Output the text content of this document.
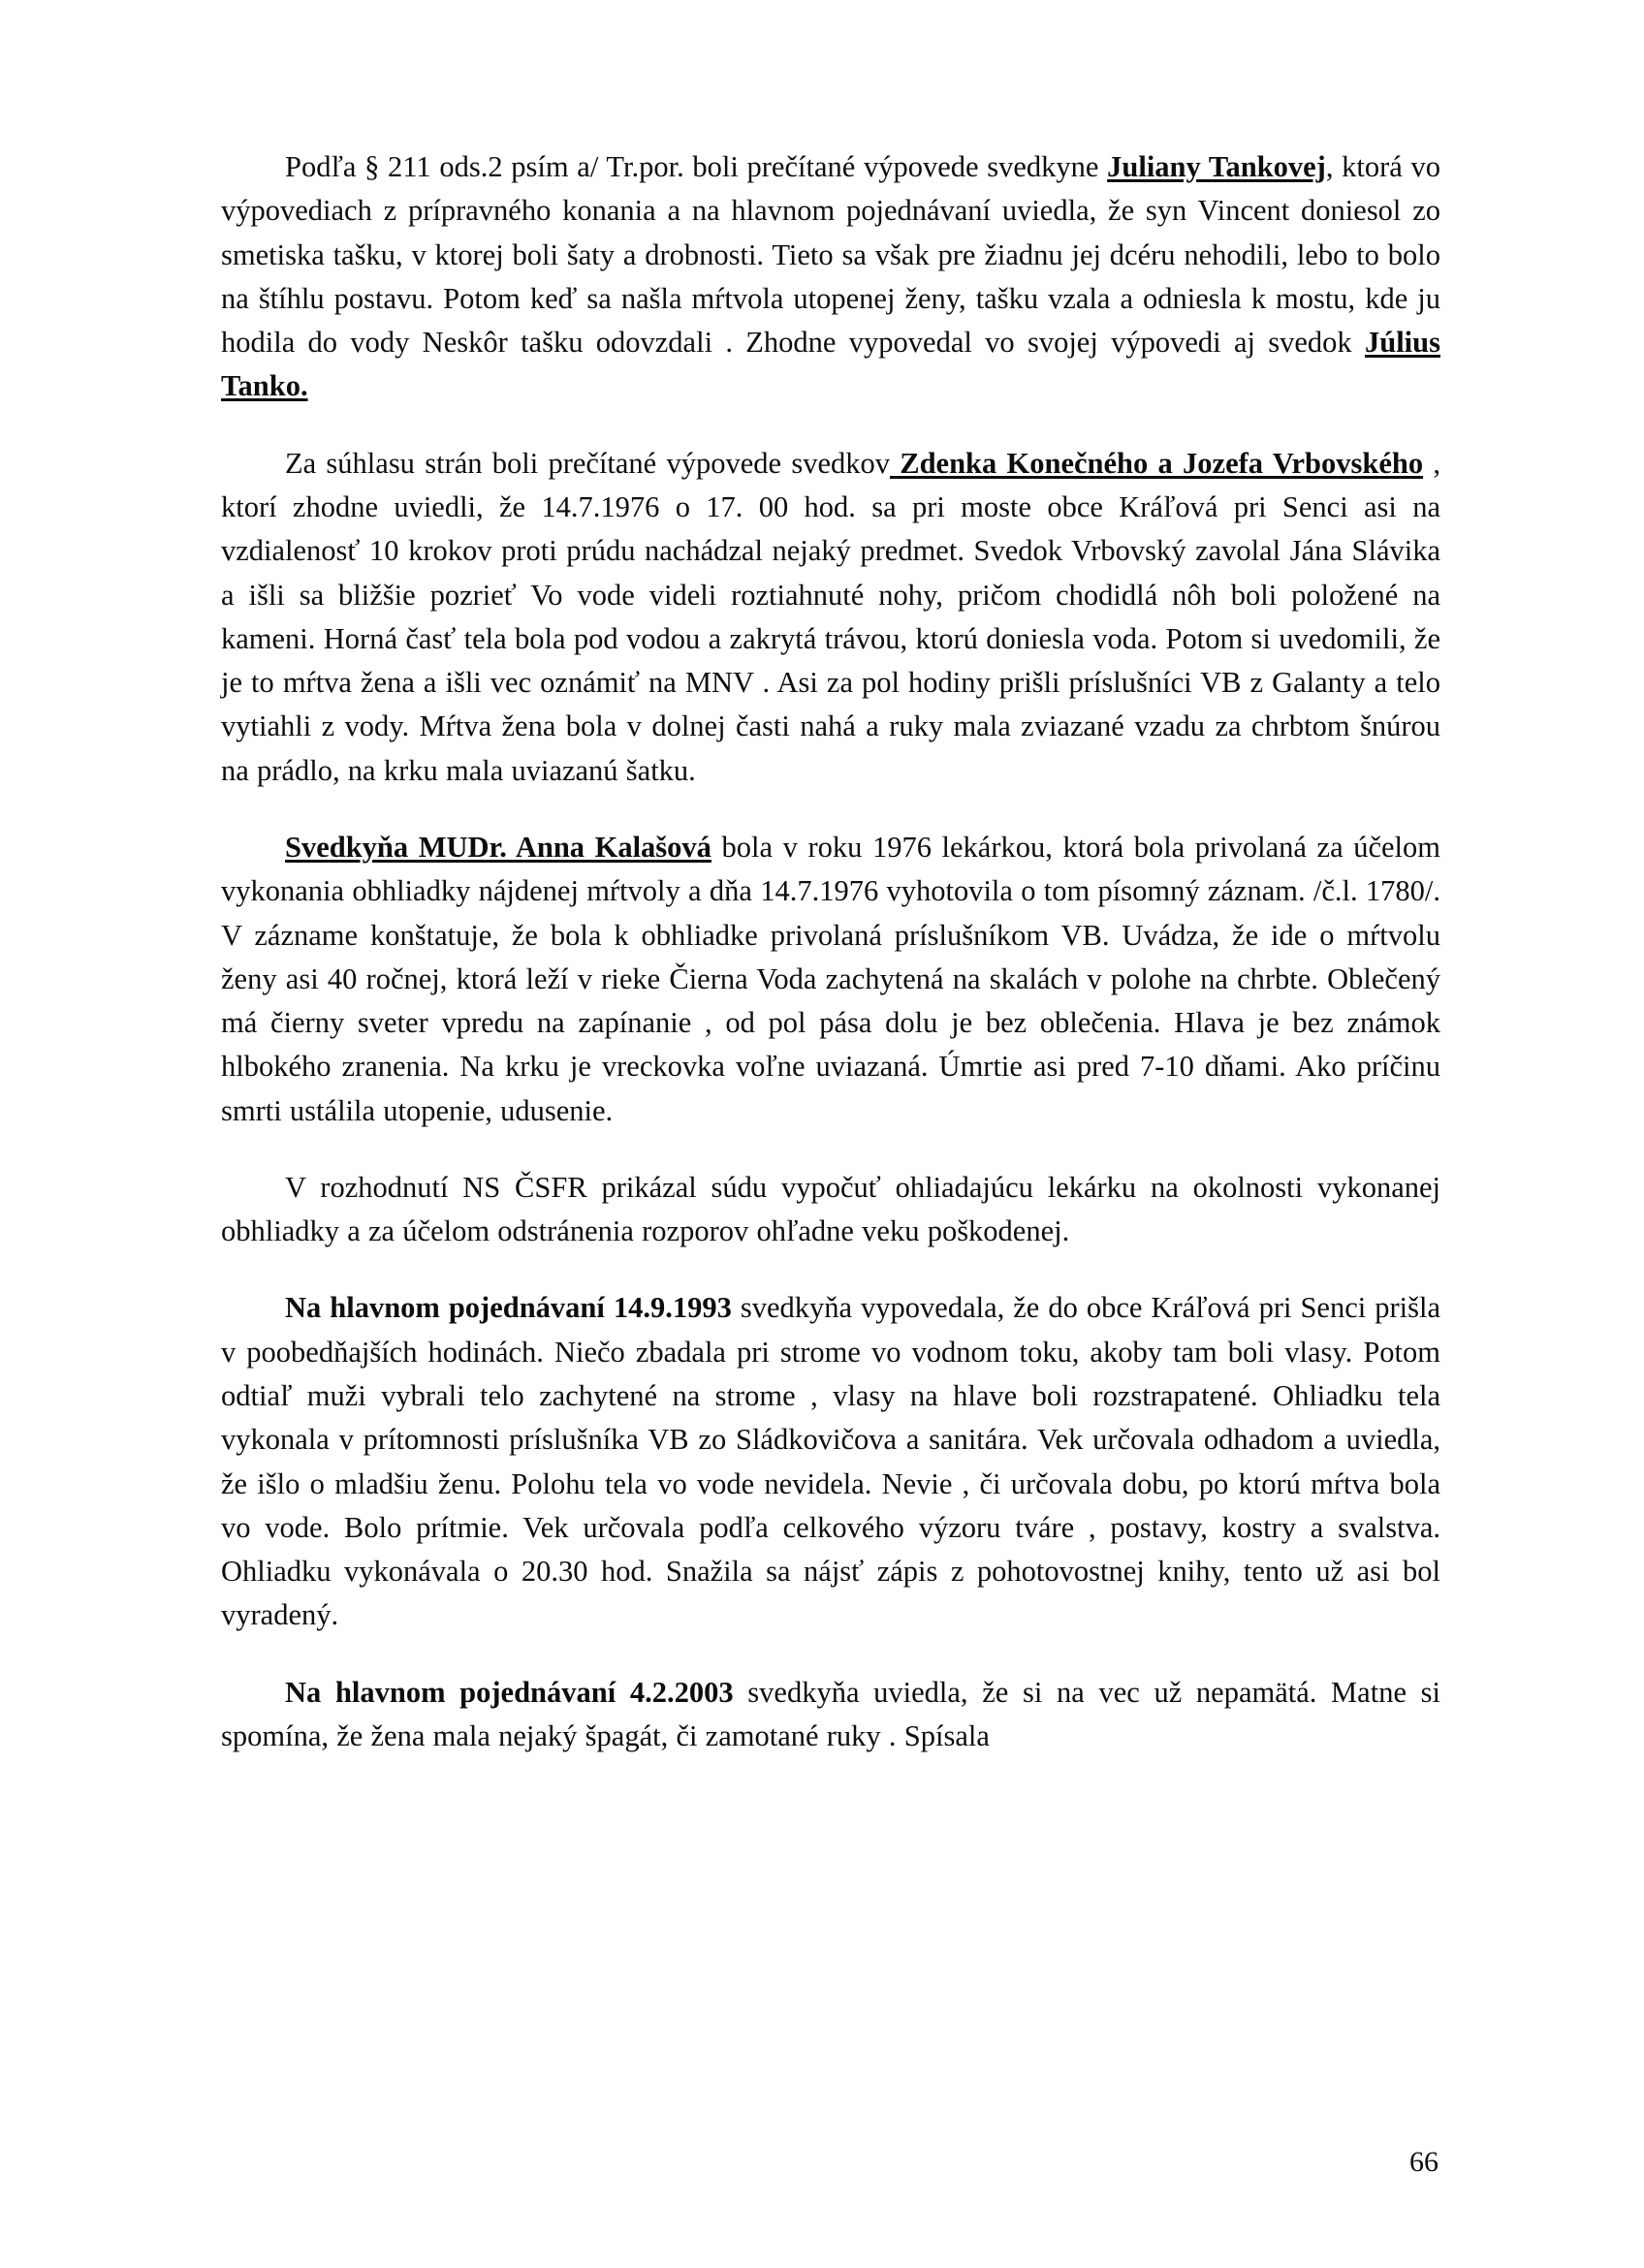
Podľa § 211 ods.2 psím a/ Tr.por. boli prečítané výpovede svedkyne Juliany Tankovej, ktorá vo výpovediach z prípravného konania a na hlavnom pojednávaní uviedla, že syn Vincent doniesol zo smetiska tašku, v ktorej boli šaty a drobnosti. Tieto sa však pre žiadnu jej dcéru nehodili, lebo to bolo na štíhlu postavu. Potom keď sa našla mŕtvola utopenej ženy, tašku vzala a odniesla k mostu, kde ju hodila do vody Neskôr tašku odovzdali . Zhodne vypovedal vo svojej výpovedi aj svedok Július Tanko.

Za súhlasu strán boli prečítané výpovede svedkov Zdenka Konečného a Jozefa Vrbovského , ktorí zhodne uviedli, že 14.7.1976 o 17. 00 hod. sa pri moste obce Kráľová pri Senci asi na vzdialenosť 10 krokov proti prúdu nachádzal nejaký predmet. Svedok Vrbovský zavolal Jána Slávika a išli sa bližšie pozrieť Vo vode videli roztiahnuté nohy, pričom chodidlá nôh boli položené na kameni. Horná časť tela bola pod vodou a zakrytá trávou, ktorú doniesla voda. Potom si uvedomili, že je to mŕtva žena a išli vec oznámiť na MNV . Asi za pol hodiny prišli príslušníci VB z Galanty a telo vytiahli z vody. Mŕtva žena bola v dolnej časti nahá a ruky mala zviazané vzadu za chrbtom šnúrou na prádlo, na krku mala uviazanú šatku.

Svedkyňa MUDr. Anna Kalašová bola v roku 1976 lekárkou, ktorá bola privolaná za účelom vykonania obhliadky nájdenej mŕtvoly a dňa 14.7.1976 vyhotovila o tom písomný záznam. /č.l. 1780/. V zázname konštatuje, že bola k obhliadke privolaná príslušníkom VB. Uvádza, že ide o mŕtvolu ženy asi 40 ročnej, ktorá leží v rieke Čierna Voda zachytená na skalách v polohe na chrbte. Oblečený má čierny sveter vpredu na zapínanie , od pol pása dolu je bez oblečenia. Hlava je bez známok hlbokého zranenia. Na krku je vreckovka voľne uviazaná. Úmrtie asi pred 7-10 dňami. Ako príčinu smrti ustálila utopenie, udusenie.

V rozhodnutí NS ČSFR prikázal súdu vypočuť ohliadajúcu lekárku na okolnosti vykonanej obhliadky a za účelom odstránenia rozporov ohľadne veku poškodenej.

Na hlavnom pojednávaní 14.9.1993 svedkyňa vypovedala, že do obce Kráľová pri Senci prišla v poobedňajších hodinách. Niečo zbadala pri strome vo vodnom toku, akoby tam boli vlasy. Potom odtiaľ muži vybrali telo zachytené na strome , vlasy na hlave boli rozstrapatené. Ohliadku tela vykonala v prítomnosti príslušníka VB zo Sládkovičova a sanitára. Vek určovala odhadom a uviedla, že išlo o mladšiu ženu. Polohu tela vo vode nevidela. Nevie , či určovala dobu, po ktorú mŕtva bola vo vode. Bolo prítmie. Vek určovala podľa celkového výzoru tváre , postavy, kostry a svalstva. Ohliadku vykonávala o 20.30 hod. Snažila sa nájsť zápis z pohotovostnej knihy, tento už asi bol vyradený.

Na hlavnom pojednávaní 4.2.2003 svedkyňa uviedla, že si na vec už nepamätá. Matne si spomína, že žena mala nejaký špagát, či zamotané ruky . Spísala

66
